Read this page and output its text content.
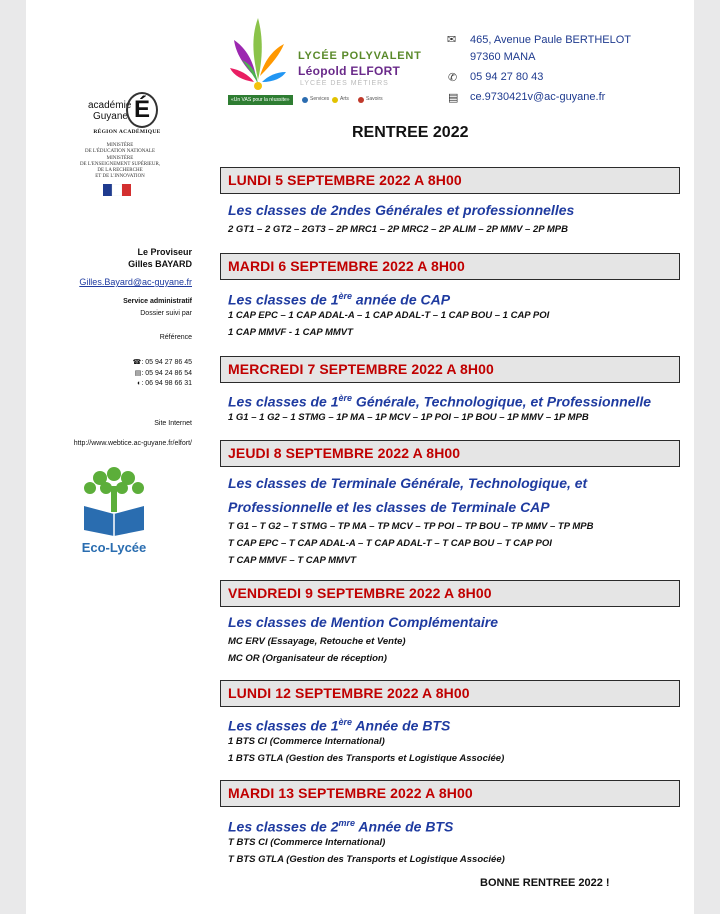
LYCÉE POLYVALENT
Léopold ELFORT
LYCÉE DES MÉTIERS
«Un VAS pour la réussite»	Services Arts	Savoirs
✉ 465, Avenue Paule BERTHELOT
97360 MANA
✆ 05 94 27 80 43
▤ ce.9730421v@ac-guyane.fr
académie
Guyane É
RÉGION ACADÉMIQUE
MINISTÈRE
DE L'ÉDUCATION NATIONALE
MINISTÈRE
DE L'ENSEIGNEMENT SUPÉRIEUR,
DE LA RECHERCHE
ET DE L'INNOVATION
Le Proviseur
Gilles BAYARD
Gilles.Bayard@ac-guyane.fr
Service administratif
Dossier suivi par
Référence
☎: 05 94 27 86 45
▤: 05 94 24 86 54
◐: 06 94 98 66 31
Site Internet
http://www.webtice.ac-guyane.fr/elfort/
Eco-Lycée
RENTREE 2022
LUNDI 5 SEPTEMBRE 2022 A 8H00
Les classes de 2ndes Générales et professionnelles
2 GT1 – 2 GT2 – 2GT3 – 2P MRC1 – 2P MRC2 – 2P ALIM – 2P MMV – 2P MPB
MARDI 6 SEPTEMBRE 2022 A 8H00
Les classes de 1ère année de CAP
1 CAP EPC – 1 CAP ADAL-A – 1 CAP ADAL-T – 1 CAP BOU – 1 CAP POI
1 CAP MMVF - 1 CAP MMVT
MERCREDI 7 SEPTEMBRE 2022 A 8H00
Les classes de 1ère Générale, Technologique, et Professionnelle
1 G1 – 1 G2 – 1 STMG – 1P MA – 1P MCV – 1P POI – 1P BOU – 1P MMV – 1P MPB
JEUDI 8 SEPTEMBRE 2022 A 8H00
Les classes de Terminale Générale, Technologique, et
Professionnelle et les classes de Terminale CAP
T G1 – T G2 – T STMG – TP MA – TP MCV – TP POI – TP BOU – TP MMV – TP MPB
T CAP EPC – T CAP ADAL-A – T CAP ADAL-T – T CAP BOU – T CAP POI
T CAP MMVF – T CAP MMVT
VENDREDI 9 SEPTEMBRE 2022 A 8H00
Les classes de Mention Complémentaire
MC ERV (Essayage, Retouche et Vente)
MC OR (Organisateur de réception)
LUNDI 12 SEPTEMBRE 2022 A 8H00
Les classes de 1ère Année de BTS
1 BTS CI (Commerce International)
1 BTS GTLA (Gestion des Transports et Logistique Associée)
MARDI 13 SEPTEMBRE 2022 A 8H00
Les classes de $2^{mre}$ Année de BTS
T BTS CI (Commerce International)
T BTS GTLA (Gestion des Transports et Logistique Associée)
BONNE RENTREE 2022 !
